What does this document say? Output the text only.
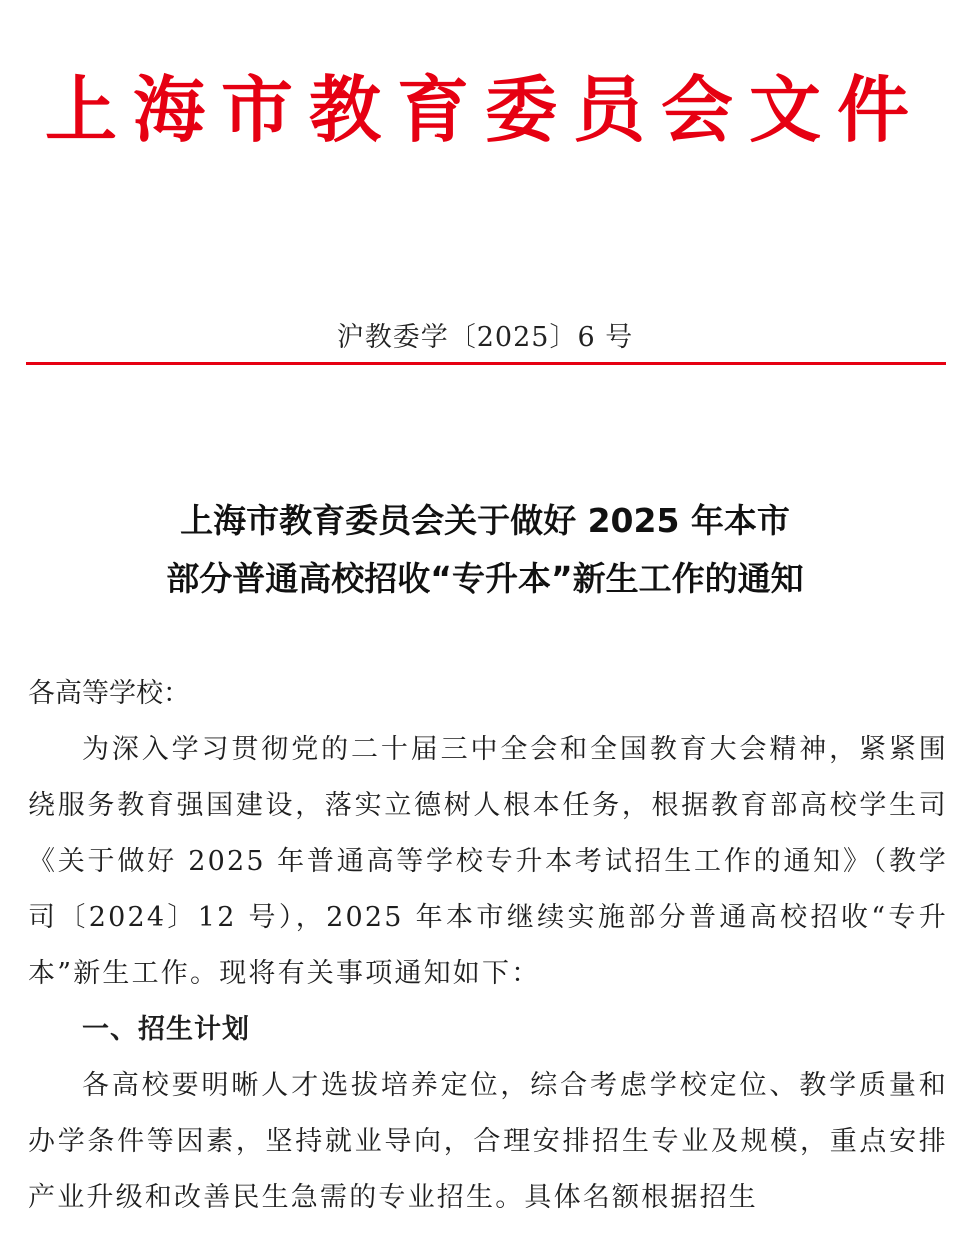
上海市教育委员会文件
沪教委学〔2025〕6 号
上海市教育委员会关于做好 2025 年本市
部分普通高校招收“专升本”新生工作的通知

各高等学校：

为深入学习贯彻党的二十届三中全会和全国教育大会精神，紧紧围绕服务教育强国建设，落实立德树人根本任务，根据教育部高校学生司《关于做好 2025 年普通高等学校专升本考试招生工作的通知》（教学司〔2024〕12 号），2025 年本市继续实施部分普通高校招收“专升本”新生工作。现将有关事项通知如下：

一、招生计划

各高校要明晰人才选拔培养定位，综合考虑学校定位、教学质量和办学条件等因素，坚持就业导向，合理安排招生专业及规模，重点安排产业升级和改善民生急需的专业招生。具体名额根据招生
